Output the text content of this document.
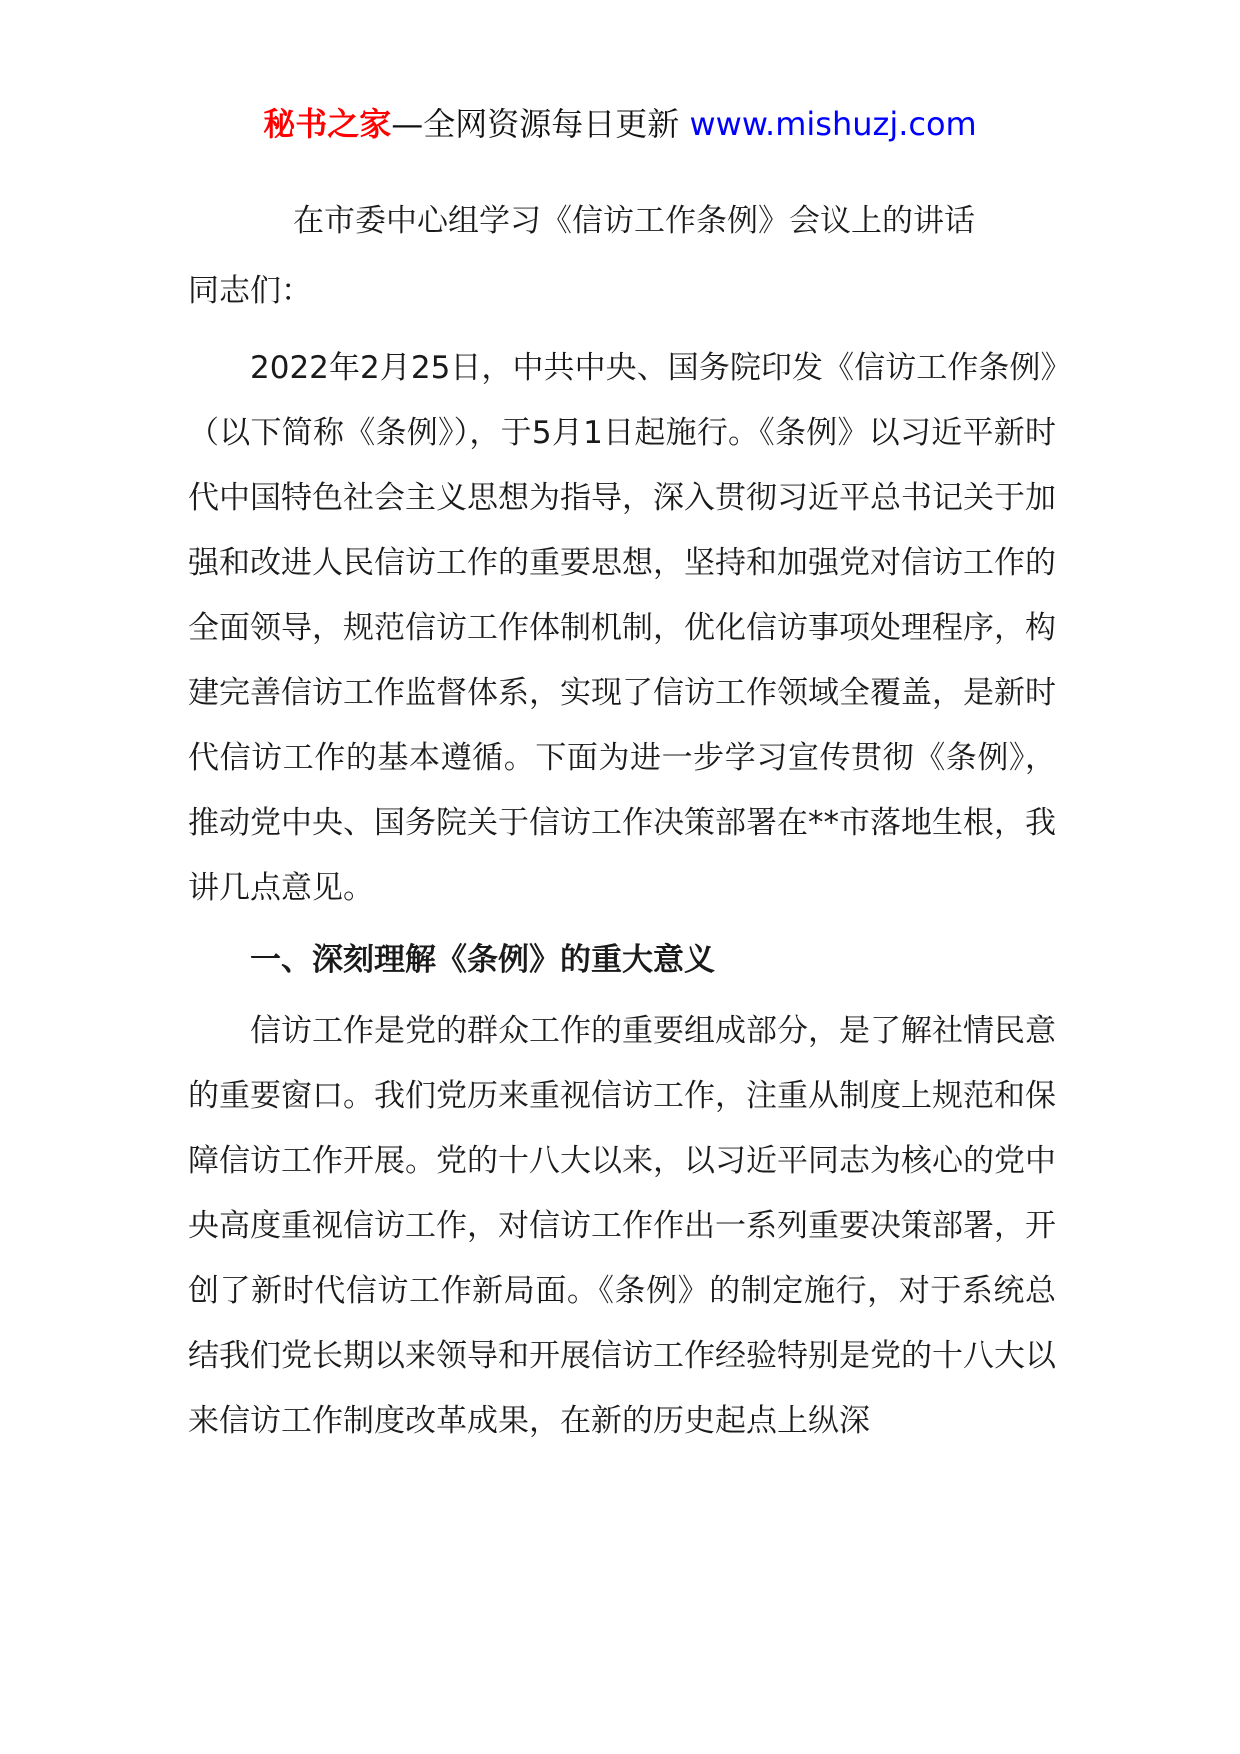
秘书之家—全网资源每日更新 www.mishuzj.com
在市委中心组学习《信访工作条例》会议上的讲话
同志们：

2022年2月25日，中共中央、国务院印发《信访工作条例》（以下简称《条例》），于5月1日起施行。《条例》以习近平新时代中国特色社会主义思想为指导，深入贯彻习近平总书记关于加强和改进人民信访工作的重要思想，坚持和加强党对信访工作的全面领导，规范信访工作体制机制，优化信访事项处理程序，构建完善信访工作监督体系，实现了信访工作领域全覆盖，是新时代信访工作的基本遵循。下面为进一步学习宣传贯彻《条例》，推动党中央、国务院关于信访工作决策部署在**市落地生根，我讲几点意见。

一、深刻理解《条例》的重大意义

信访工作是党的群众工作的重要组成部分，是了解社情民意的重要窗口。我们党历来重视信访工作，注重从制度上规范和保障信访工作开展。党的十八大以来，以习近平同志为核心的党中央高度重视信访工作，对信访工作作出一系列重要决策部署，开创了新时代信访工作新局面。《条例》的制定施行，对于系统总结我们党长期以来领导和开展信访工作经验特别是党的十八大以来信访工作制度改革成果，在新的历史起点上纵深
